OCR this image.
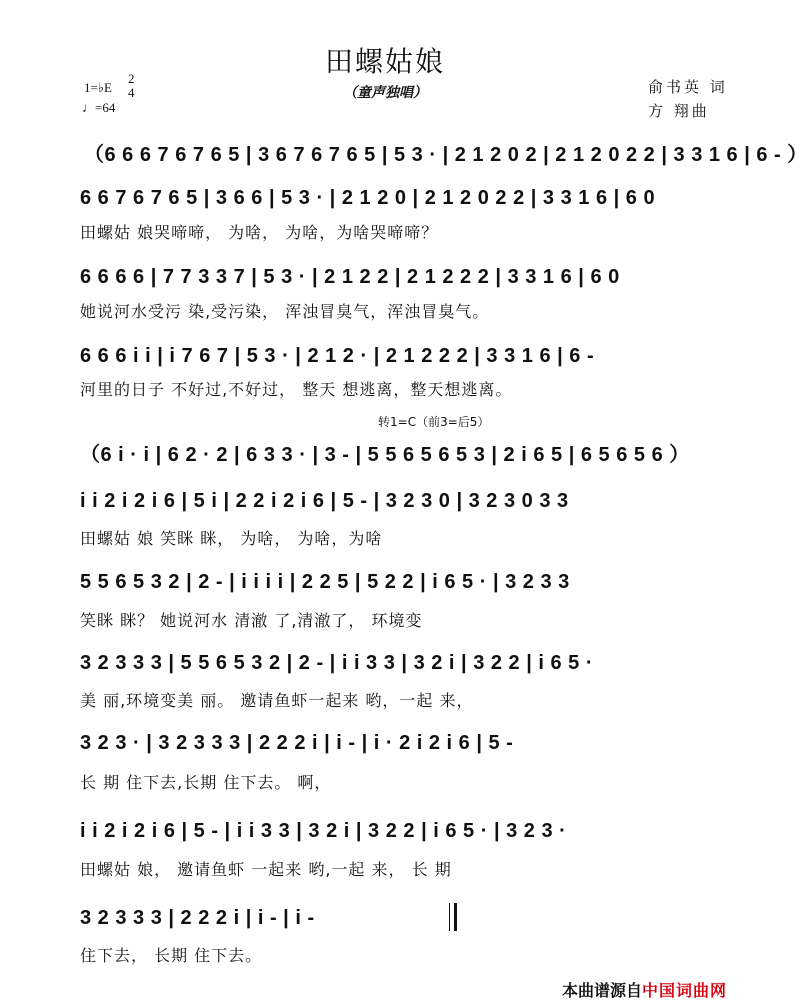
田螺姑娘
（童声独唱）
1=♭E
2
4
♩=64
俞书英 词
方 翔曲
（6 6 6 7 6 7 6 5 | 3 6 7 6 7 6 5 | 5 3 · | 2 1 2 0 2 | 2 1 2 0 2 2 | 3 3 1 6 | 6 - ）
6 6 7 6 7 6 5 | 3 6 6 | 5 3 · | 2 1 2 0 | 2 1 2 0 2 2 | 3 3 1 6 | 6 0
田螺姑 娘哭啼啼， 为啥， 为啥，为啥哭啼啼？
6 6 6 6 | 7 7 3 3 7 | 5 3 · | 2 1 2 2 | 2 1 2 2 2 | 3 3 1 6 | 6 0
她说河水受污 染,受污染， 浑浊冒臭气，浑浊冒臭气。
6 6 6 i i | i 7 6 7 | 5 3 · | 2 1 2 · | 2 1 2 2 2 | 3 3 1 6 | 6 -
河里的日子 不好过,不好过， 整天 想逃离，整天想逃离。
转1=C（前3=后5）
（6 i · i | 6 2 · 2 | 6 3 3 · | 3 - | 5 5 6 5 6 5 3 | 2 i 6 5 | 6 5 6 5 6 ）
i i 2 i 2 i 6 | 5 i | 2 2 i 2 i 6 | 5 - | 3 2 3 0 | 3 2 3 0 3 3
田螺姑 娘 笑眯 眯， 为啥， 为啥，为啥
5 5 6 5 3 2 | 2 - | i i i i | 2 2 5 | 5 2 2 | i 6 5 · | 3 2 3 3
笑眯 眯？ 她说河水 清澈 了,清澈了， 环境变
3 2 3 3 3 | 5 5 6 5 3 2 | 2 - | i i 3 3 | 3 2 i | 3 2 2 | i 6 5 ·
美 丽,环境变美 丽。 邀请鱼虾一起来 哟，一起 来，
3 2 3 · | 3 2 3 3 3 | 2 2 2 i | i - | i · 2 i 2 i 6 | 5 -
长 期 住下去,长期 住下去。 啊，
i i 2 i 2 i 6 | 5 - | i i 3 3 | 3 2 i | 3 2 2 | i 6 5 · | 3 2 3 ·
田螺姑 娘， 邀请鱼虾 一起来 哟,一起 来， 长 期
3 2 3 3 3 | 2 2 2 i | i - | i -
住下去， 长期 住下去。
本曲谱源自中国词曲网
